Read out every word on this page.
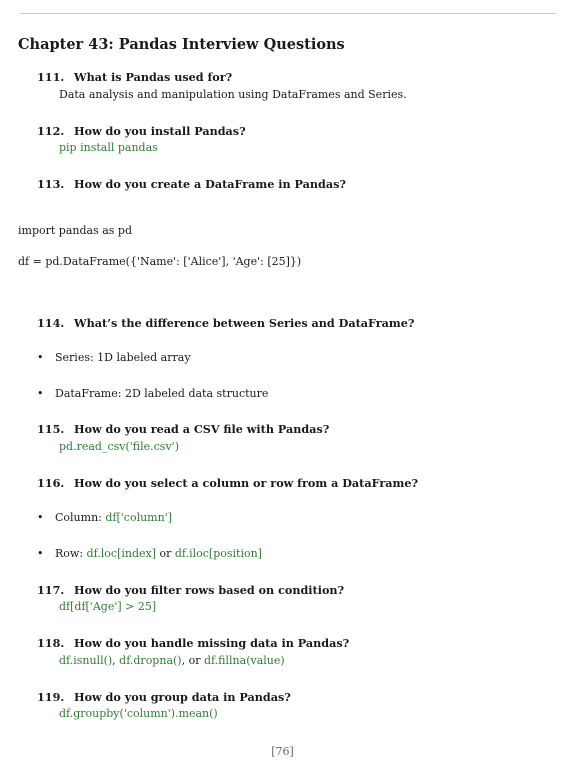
Chapter 43: Pandas Interview Questions
111. What is Pandas used for?
Data analysis and manipulation using DataFrames and Series.
112. How do you install Pandas?
pip install pandas
113. How do you create a DataFrame in Pandas?
import pandas as pd
df = pd.DataFrame({'Name': ['Alice'], 'Age': [25]})
114. What’s the difference between Series and DataFrame?
• Series: 1D labeled array
• DataFrame: 2D labeled data structure
115. How do you read a CSV file with Pandas?
pd.read_csv('file.csv')
116. How do you select a column or row from a DataFrame?
• Column: df['column']
• Row: df.loc[index] or df.iloc[position]
117. How do you filter rows based on condition?
df[df['Age'] > 25]
118. How do you handle missing data in Pandas?
df.isnull(), df.dropna(), or df.fillna(value)
119. How do you group data in Pandas?
df.groupby('column').mean()
[76]
